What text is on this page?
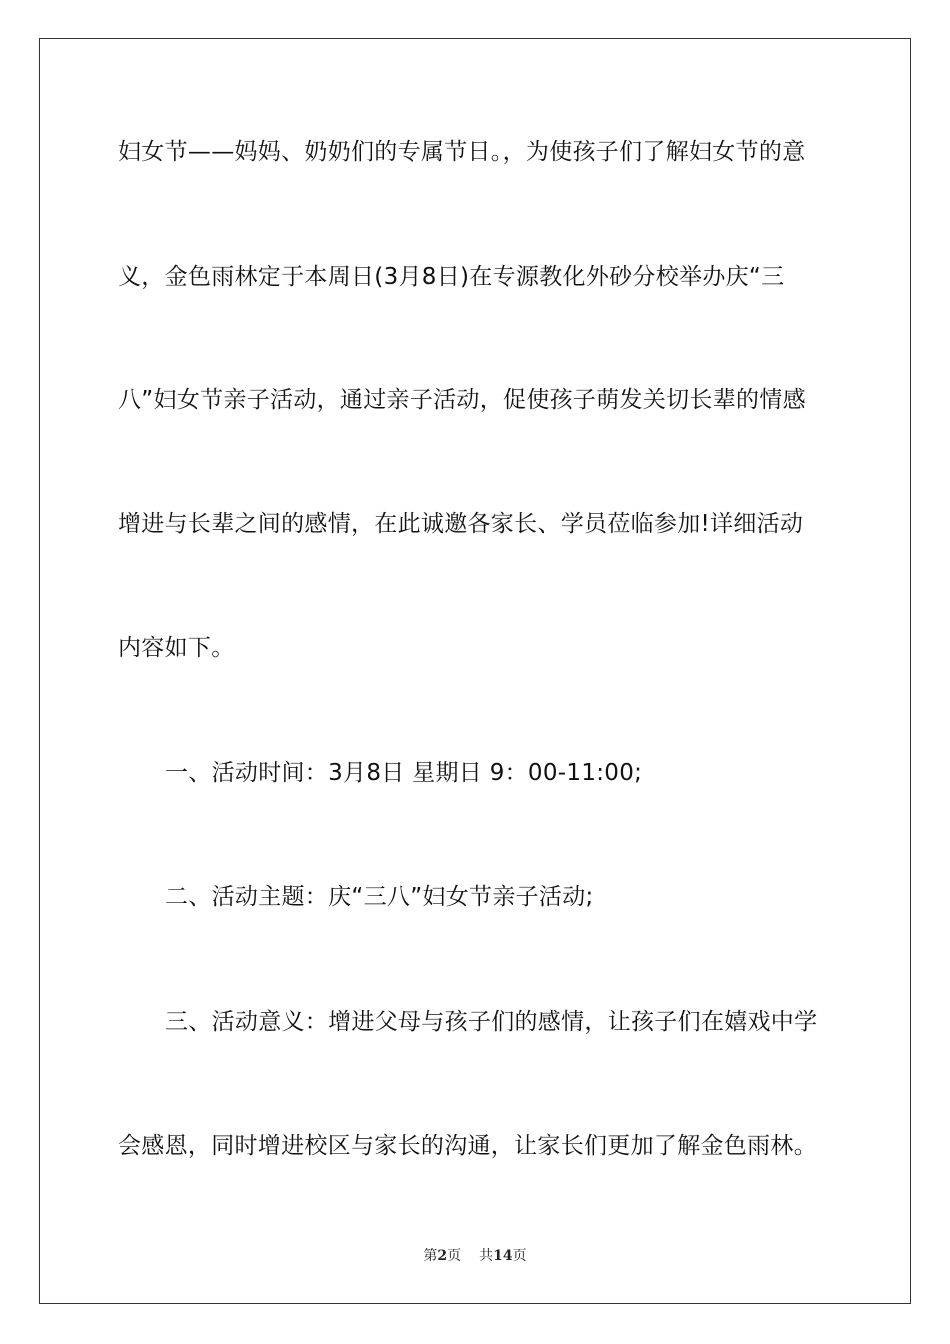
妇女节——妈妈、奶奶们的专属节日。，为使孩子们了解妇女节的意
义，金色雨林定于本周日(3月8日)在专源教化外砂分校举办庆“三
八”妇女节亲子活动，通过亲子活动，促使孩子萌发关切长辈的情感
增进与长辈之间的感情，在此诚邀各家长、学员莅临参加!详细活动
内容如下。
一、活动时间：3月8日 星期日 9：00-11:00;
二、活动主题：庆“三八”妇女节亲子活动;
三、活动意义：增进父母与孩子们的感情，让孩子们在嬉戏中学
会感恩，同时增进校区与家长的沟通，让家长们更加了解金色雨林。
第2页 共14页
